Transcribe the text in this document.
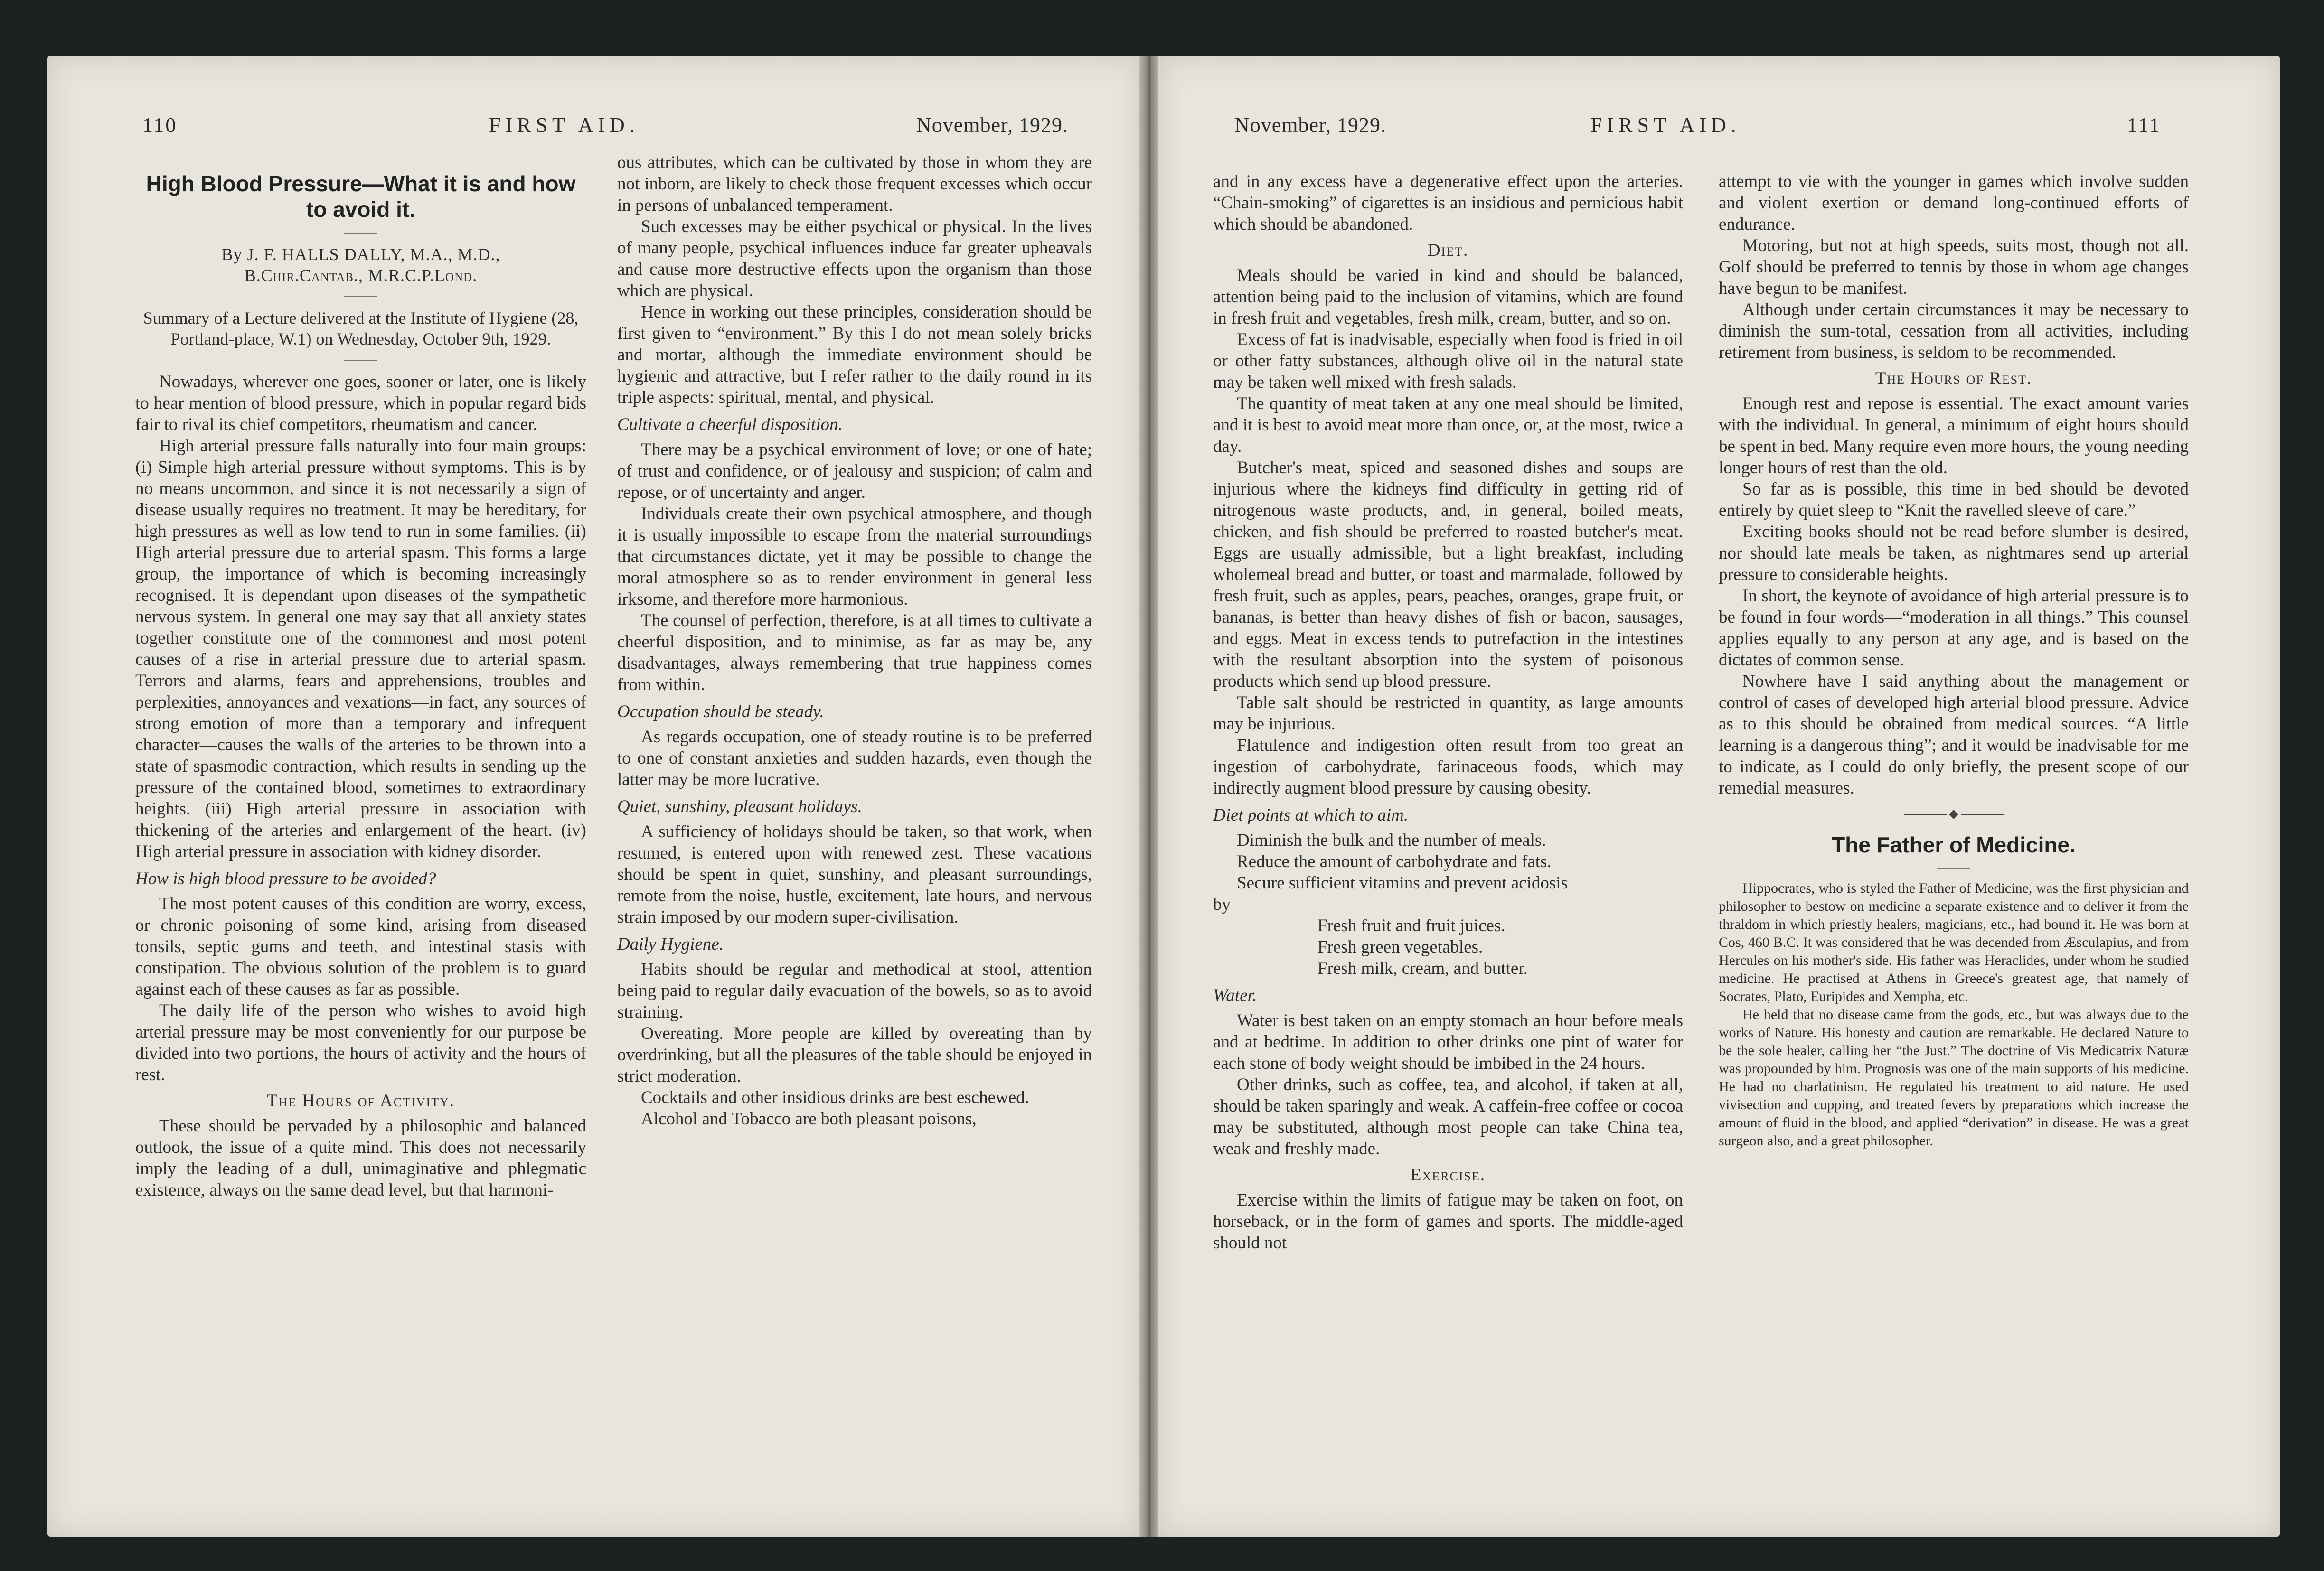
110	FIRST AID.	November, 1929.
High Blood Pressure—What it is and how to avoid it.
By J. F. HALLS DALLY, M.A., M.D.,
B.Chir.Cantab., M.R.C.P.Lond.
Summary of a Lecture delivered at the Institute of Hygiene (28, Portland-place, W.1) on Wednesday, October 9th, 1929.

Nowadays, wherever one goes, sooner or later, one is likely to hear mention of blood pressure, which in popular regard bids fair to rival its chief competitors, rheumatism and cancer.

High arterial pressure falls naturally into four main groups: (i) Simple high arterial pressure without symptoms. This is by no means uncommon, and since it is not necessarily a sign of disease usually requires no treatment. It may be hereditary, for high pressures as well as low tend to run in some families. (ii) High arterial pressure due to arterial spasm. This forms a large group, the importance of which is becoming increasingly recognised. It is dependant upon diseases of the sympathetic nervous system. In general one may say that all anxiety states together constitute one of the commonest and most potent causes of a rise in arterial pressure due to arterial spasm. Terrors and alarms, fears and apprehensions, troubles and perplexities, annoyances and vexations—in fact, any sources of strong emotion of more than a temporary and infrequent character—causes the walls of the arteries to be thrown into a state of spasmodic contraction, which results in sending up the pressure of the contained blood, sometimes to extraordinary heights. (iii) High arterial pressure in association with thickening of the arteries and enlargement of the heart. (iv) High arterial pressure in association with kidney disorder.

How is high blood pressure to be avoided?

The most potent causes of this condition are worry, excess, or chronic poisoning of some kind, arising from diseased tonsils, septic gums and teeth, and intestinal stasis with constipation. The obvious solution of the problem is to guard against each of these causes as far as possible.

The daily life of the person who wishes to avoid high arterial pressure may be most conveniently for our purpose be divided into two portions, the hours of activity and the hours of rest.

The Hours of Activity.

These should be pervaded by a philosophic and balanced outlook, the issue of a quite mind. This does not necessarily imply the leading of a dull, unimaginative and phlegmatic existence, always on the same dead level, but that harmoni-

ous attributes, which can be cultivated by those in whom they are not inborn, are likely to check those frequent excesses which occur in persons of unbalanced temperament.

Such excesses may be either psychical or physical. In the lives of many people, psychical influences induce far greater upheavals and cause more destructive effects upon the organism than those which are physical.

Hence in working out these principles, consideration should be first given to “environment.” By this I do not mean solely bricks and mortar, although the immediate environment should be hygienic and attractive, but I refer rather to the daily round in its triple aspects: spiritual, mental, and physical.

Cultivate a cheerful disposition.

There may be a psychical environment of love; or one of hate; of trust and confidence, or of jealousy and suspicion; of calm and repose, or of uncertainty and anger.

Individuals create their own psychical atmosphere, and though it is usually impossible to escape from the material surroundings that circumstances dictate, yet it may be possible to change the moral atmosphere so as to render environment in general less irksome, and therefore more harmonious.

The counsel of perfection, therefore, is at all times to cultivate a cheerful disposition, and to minimise, as far as may be, any disadvantages, always remembering that true happiness comes from within.

Occupation should be steady.

As regards occupation, one of steady routine is to be preferred to one of constant anxieties and sudden hazards, even though the latter may be more lucrative.

Quiet, sunshiny, pleasant holidays.

A sufficiency of holidays should be taken, so that work, when resumed, is entered upon with renewed zest. These vacations should be spent in quiet, sunshiny, and pleasant surroundings, remote from the noise, hustle, excitement, late hours, and nervous strain imposed by our modern super-civilisation.

Daily Hygiene.

Habits should be regular and methodical at stool, attention being paid to regular daily evacuation of the bowels, so as to avoid straining.

Overeating. More people are killed by overeating than by overdrinking, but all the pleasures of the table should be enjoyed in strict moderation.

Cocktails and other insidious drinks are best eschewed.

Alcohol and Tobacco are both pleasant poisons,

November, 1929.	FIRST AID.	111

and in any excess have a degenerative effect upon the arteries. “Chain-smoking” of cigarettes is an insidious and pernicious habit which should be abandoned.

Diet.

Meals should be varied in kind and should be balanced, attention being paid to the inclusion of vitamins, which are found in fresh fruit and vegetables, fresh milk, cream, butter, and so on.

Excess of fat is inadvisable, especially when food is fried in oil or other fatty substances, although olive oil in the natural state may be taken well mixed with fresh salads.

The quantity of meat taken at any one meal should be limited, and it is best to avoid meat more than once, or, at the most, twice a day.

Butcher's meat, spiced and seasoned dishes and soups are injurious where the kidneys find difficulty in getting rid of nitrogenous waste products, and, in general, boiled meats, chicken, and fish should be preferred to roasted butcher's meat. Eggs are usually admissible, but a light breakfast, including wholemeal bread and butter, or toast and marmalade, followed by fresh fruit, such as apples, pears, peaches, oranges, grape fruit, or bananas, is better than heavy dishes of fish or bacon, sausages, and eggs. Meat in excess tends to putrefaction in the intestines with the resultant absorption into the system of poisonous products which send up blood pressure.

Table salt should be restricted in quantity, as large amounts may be injurious.

Flatulence and indigestion often result from too great an ingestion of carbohydrate, farinaceous foods, which may indirectly augment blood pressure by causing obesity.

Diet points at which to aim.
Diminish the bulk and the number of meals.
Reduce the amount of carbohydrate and fats.
Secure sufficient vitamins and prevent acidosis
by
Fresh fruit and fruit juices.
Fresh green vegetables.
Fresh milk, cream, and butter.
Water.

Water is best taken on an empty stomach an hour before meals and at bedtime. In addition to other drinks one pint of water for each stone of body weight should be imbibed in the 24 hours.

Other drinks, such as coffee, tea, and alcohol, if taken at all, should be taken sparingly and weak. A caffein-free coffee or cocoa may be substituted, although most people can take China tea, weak and freshly made.

Exercise.

Exercise within the limits of fatigue may be taken on foot, on horseback, or in the form of games and sports. The middle-aged should not

attempt to vie with the younger in games which involve sudden and violent exertion or demand long-continued efforts of endurance.

Motoring, but not at high speeds, suits most, though not all. Golf should be preferred to tennis by those in whom age changes have begun to be manifest.

Although under certain circumstances it may be necessary to diminish the sum-total, cessation from all activities, including retirement from business, is seldom to be recommended.

The Hours of Rest.

Enough rest and repose is essential. The exact amount varies with the individual. In general, a minimum of eight hours should be spent in bed. Many require even more hours, the young needing longer hours of rest than the old.

So far as is possible, this time in bed should be devoted entirely by quiet sleep to “Knit the ravelled sleeve of care.”

Exciting books should not be read before slumber is desired, nor should late meals be taken, as nightmares send up arterial pressure to considerable heights.

In short, the keynote of avoidance of high arterial pressure is to be found in four words—“moderation in all things.” This counsel applies equally to any person at any age, and is based on the dictates of common sense.

Nowhere have I said anything about the management or control of cases of developed high arterial blood pressure. Advice as to this should be obtained from medical sources. “A little learning is a dangerous thing”; and it would be inadvisable for me to indicate, as I could do only briefly, the present scope of our remedial measures.

The Father of Medicine.

Hippocrates, who is styled the Father of Medicine, was the first physician and philosopher to bestow on medicine a separate existence and to deliver it from the thraldom in which priestly healers, magicians, etc., had bound it. He was born at Cos, 460 B.C. It was considered that he was decended from Æsculapius, and from Hercules on his mother's side. His father was Heraclides, under whom he studied medicine. He practised at Athens in Greece's greatest age, that namely of Socrates, Plato, Euripides and Xempha, etc.

He held that no disease came from the gods, etc., but was always due to the works of Nature. His honesty and caution are remarkable. He declared Nature to be the sole healer, calling her “the Just.” The doctrine of Vis Medicatrix Naturæ was propounded by him. Prognosis was one of the main supports of his medicine. He had no charlatinism. He regulated his treatment to aid nature. He used vivisection and cupping, and treated fevers by preparations which increase the amount of fluid in the blood, and applied “derivation” in disease. He was a great surgeon also, and a great philosopher.
